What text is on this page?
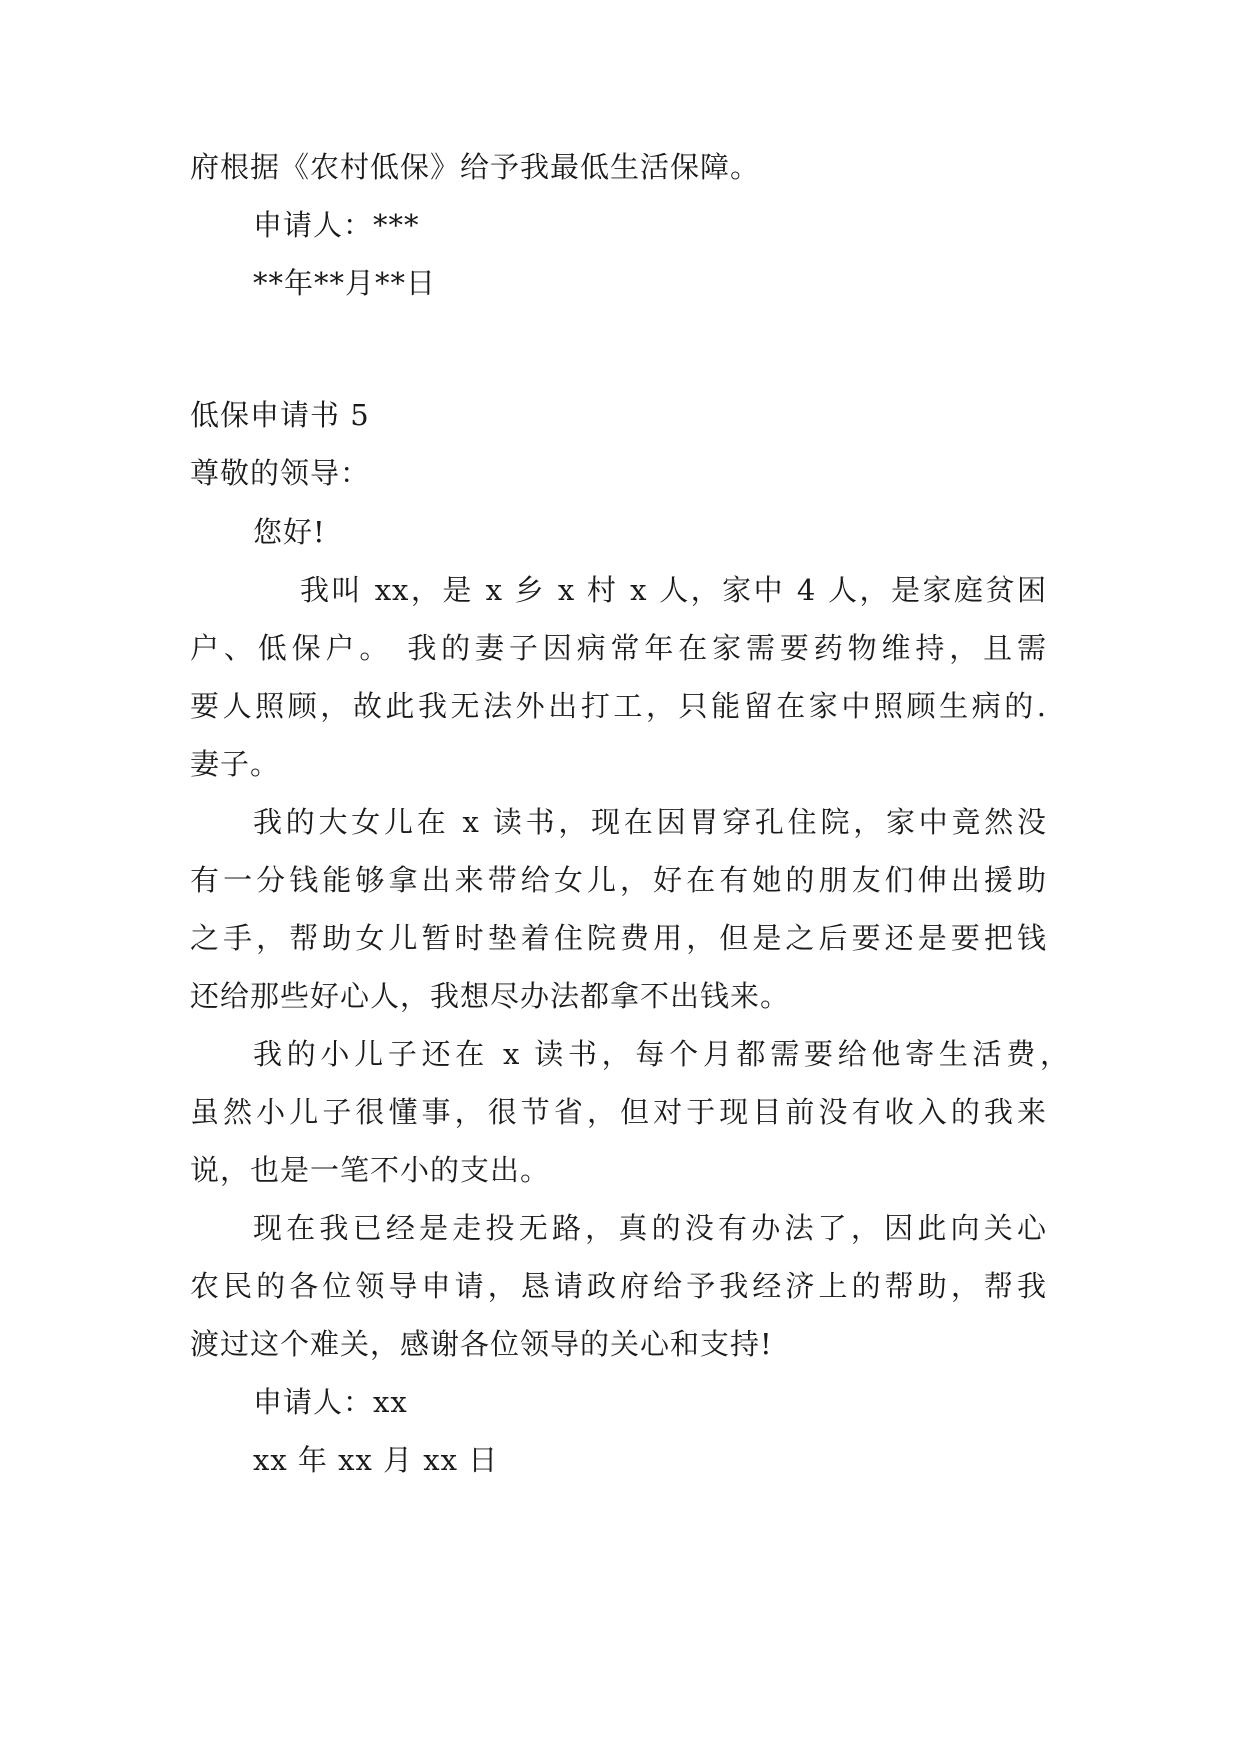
府根据《农村低保》给予我最低生活保障。
申请人：***
**年**月**日
低保申请书 5
尊敬的领导：
您好!
我叫 xx，是 x 乡 x 村 x 人，家中 4 人，是家庭贫困
户、低保户。 我的妻子因病常年在家需要药物维持，且需
要人照顾，故此我无法外出打工，只能留在家中照顾生病的.
妻子。
我的大女儿在 x 读书，现在因胃穿孔住院，家中竟然没
有一分钱能够拿出来带给女儿，好在有她的朋友们伸出援助
之手，帮助女儿暂时垫着住院费用，但是之后要还是要把钱
还给那些好心人，我想尽办法都拿不出钱来。
我的小儿子还在 x 读书，每个月都需要给他寄生活费，
虽然小儿子很懂事，很节省，但对于现目前没有收入的我来
说，也是一笔不小的支出。
现在我已经是走投无路，真的没有办法了，因此向关心
农民的各位领导申请，恳请政府给予我经济上的帮助，帮我
渡过这个难关，感谢各位领导的关心和支持!
申请人：xx
xx 年 xx 月 xx 日
